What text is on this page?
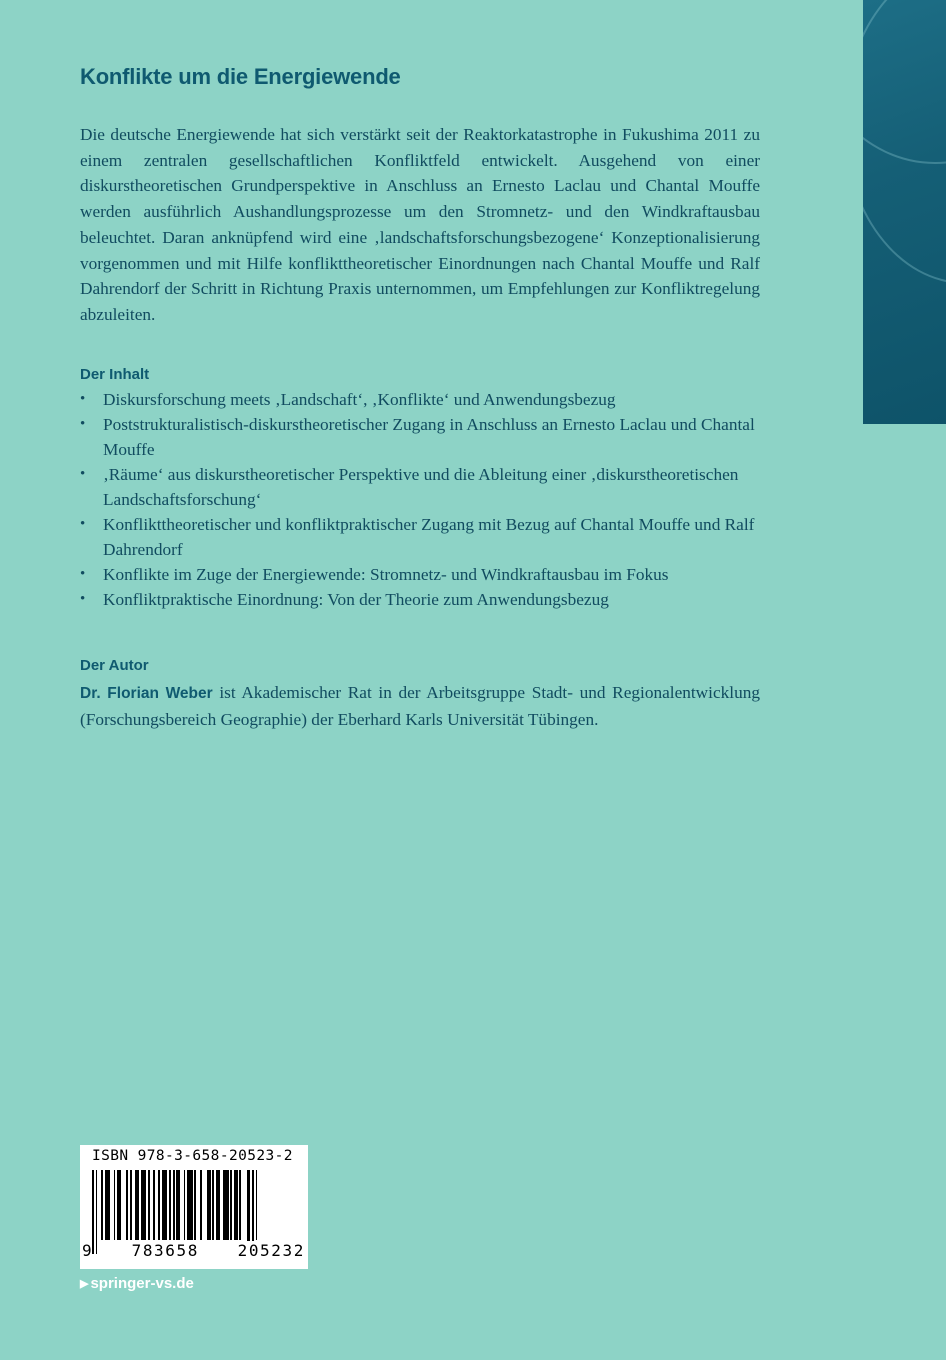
Konflikte um die Energiewende

Die deutsche Energiewende hat sich verstärkt seit der Reaktorkatastrophe in Fukushima 2011 zu einem zentralen gesellschaftlichen Konfliktfeld entwickelt. Ausgehend von einer diskurstheoretischen Grundperspektive in Anschluss an Ernesto Laclau und Chantal Mouffe werden ausführlich Aushandlungsprozesse um den Stromnetz- und den Windkraftausbau beleuchtet. Daran anknüpfend wird eine ‚landschaftsforschungsbezogene‘ Konzeptionalisierung vorgenommen und mit Hilfe konflikttheoretischer Einordnungen nach Chantal Mouffe und Ralf Dahrendorf der Schritt in Richtung Praxis unternommen, um Empfehlungen zur Konfliktregelung abzuleiten.

Der Inhalt
• Diskursforschung meets ‚Landschaft‘, ‚Konflikte‘ und Anwendungsbezug
• Poststrukturalistisch-diskurstheoretischer Zugang in Anschluss an Ernesto Laclau und Chantal Mouffe
• ‚Räume‘ aus diskurstheoretischer Perspektive und die Ableitung einer ‚diskurstheoretischen Landschaftsforschung‘
• Konflikttheoretischer und konfliktpraktischer Zugang mit Bezug auf Chantal Mouffe und Ralf Dahrendorf
• Konflikte im Zuge der Energiewende: Stromnetz- und Windkraftausbau im Fokus
• Konfliktpraktische Einordnung: Von der Theorie zum Anwendungsbezug
Der Autor

Dr. Florian Weber ist Akademischer Rat in der Arbeitsgruppe Stadt- und Regionalentwicklung (Forschungsbereich Geographie) der Eberhard Karls Universität Tübingen.

ISBN 978-3-658-20523-2

9 783658 205232

▶ springer-vs.de
